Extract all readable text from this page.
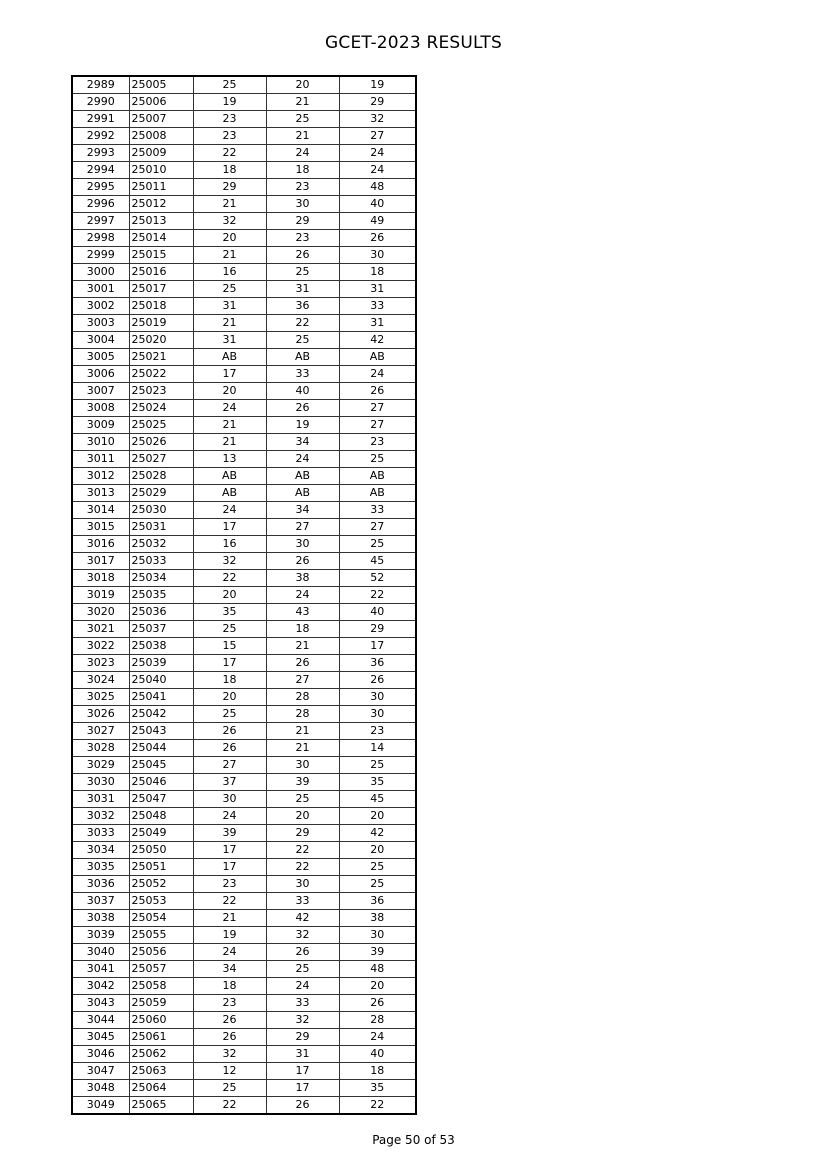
GCET-2023 RESULTS
2989	25005	25	20	19
2990	25006	19	21	29
2991	25007	23	25	32
2992	25008	23	21	27
2993	25009	22	24	24
2994	25010	18	18	24
2995	25011	29	23	48
2996	25012	21	30	40
2997	25013	32	29	49
2998	25014	20	23	26
2999	25015	21	26	30
3000	25016	16	25	18
3001	25017	25	31	31
3002	25018	31	36	33
3003	25019	21	22	31
3004	25020	31	25	42
3005	25021	AB	AB	AB
3006	25022	17	33	24
3007	25023	20	40	26
3008	25024	24	26	27
3009	25025	21	19	27
3010	25026	21	34	23
3011	25027	13	24	25
3012	25028	AB	AB	AB
3013	25029	AB	AB	AB
3014	25030	24	34	33
3015	25031	17	27	27
3016	25032	16	30	25
3017	25033	32	26	45
3018	25034	22	38	52
3019	25035	20	24	22
3020	25036	35	43	40
3021	25037	25	18	29
3022	25038	15	21	17
3023	25039	17	26	36
3024	25040	18	27	26
3025	25041	20	28	30
3026	25042	25	28	30
3027	25043	26	21	23
3028	25044	26	21	14
3029	25045	27	30	25
3030	25046	37	39	35
3031	25047	30	25	45
3032	25048	24	20	20
3033	25049	39	29	42
3034	25050	17	22	20
3035	25051	17	22	25
3036	25052	23	30	25
3037	25053	22	33	36
3038	25054	21	42	38
3039	25055	19	32	30
3040	25056	24	26	39
3041	25057	34	25	48
3042	25058	18	24	20
3043	25059	23	33	26
3044	25060	26	32	28
3045	25061	26	29	24
3046	25062	32	31	40
3047	25063	12	17	18
3048	25064	25	17	35
3049	25065	22	26	22
Page 50 of 53
